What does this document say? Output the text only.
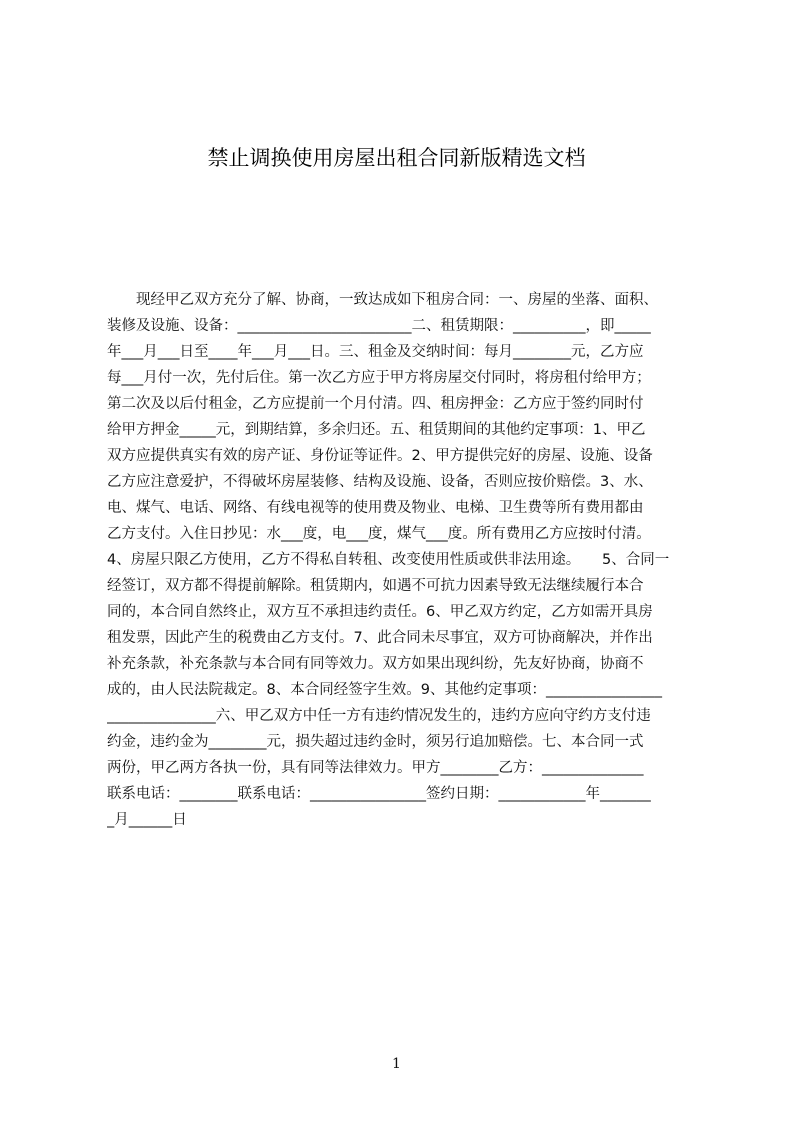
禁止调换使用房屋出租合同新版精选文档
　　现经甲乙双方充分了解、协商，一致达成如下租房合同：一、房屋的坐落、面积、
装修及设施、设备：________________________二、租赁期限：__________，即_____
年___月___日至____年___月___日。三、租金及交纳时间：每月________元，乙方应
每___月付一次，先付后住。第一次乙方应于甲方将房屋交付同时，将房租付给甲方；
第二次及以后付租金，乙方应提前一个月付清。四、租房押金：乙方应于签约同时付
给甲方押金_____元，到期结算，多余归还。五、租赁期间的其他约定事项：1、甲乙
双方应提供真实有效的房产证、身份证等证件。2、甲方提供完好的房屋、设施、设备
乙方应注意爱护，不得破坏房屋装修、结构及设施、设备，否则应按价赔偿。3、水、
电、煤气、电话、网络、有线电视等的使用费及物业、电梯、卫生费等所有费用都由
乙方支付。入住日抄见：水___度，电___度，煤气___度。所有费用乙方应按时付清。
4、房屋只限乙方使用，乙方不得私自转租、改变使用性质或供非法用途。　　5、合同一
经签订，双方都不得提前解除。租赁期内，如遇不可抗力因素导致无法继续履行本合
同的，本合同自然终止，双方互不承担违约责任。6、甲乙双方约定，乙方如需开具房
租发票，因此产生的税费由乙方支付。7、此合同未尽事宜，双方可协商解决，并作出
补充条款，补充条款与本合同有同等效力。双方如果出现纠纷，先友好协商，协商不
成的，由人民法院裁定。8、本合同经签字生效。9、其他约定事项：________________
_______________六、甲乙双方中任一方有违约情况发生的，违约方应向守约方支付违
约金，违约金为________元，损失超过违约金时，须另行追加赔偿。七、本合同一式
两份，甲乙两方各执一份，具有同等法律效力。甲方________乙方：______________
联系电话：________联系电话：________________签约日期：____________年_______
_月______日
1
